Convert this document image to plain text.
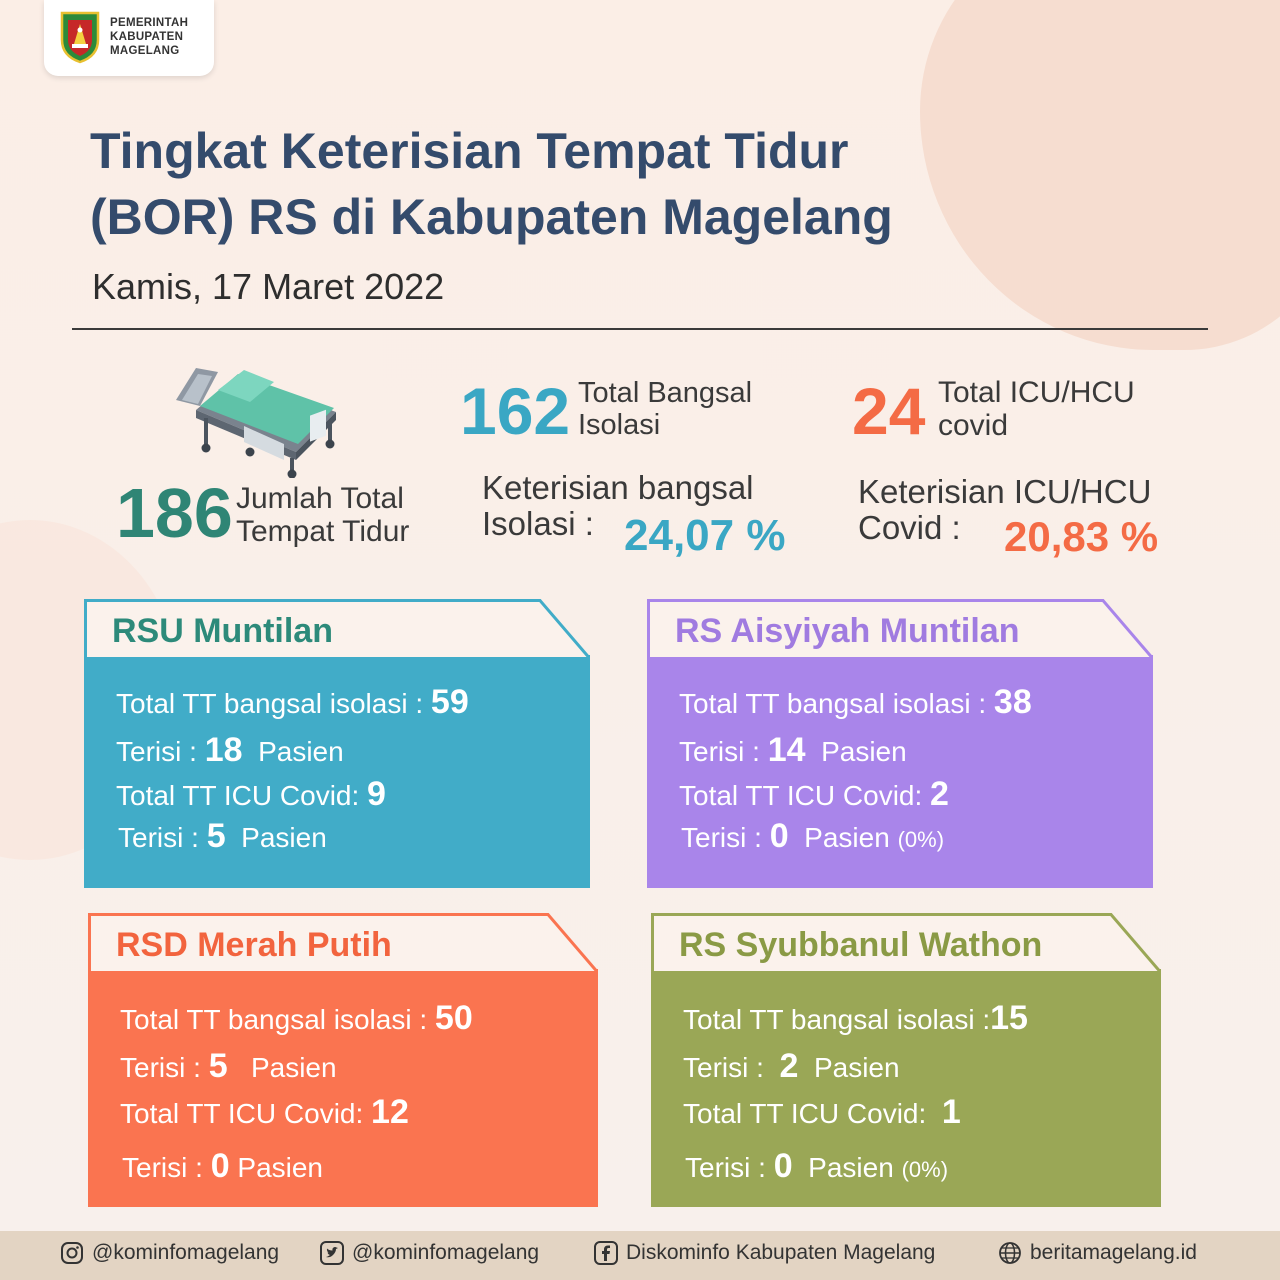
PEMERINTAH
KABUPATEN
MAGELANG
Tingkat Keterisian Tempat Tidur
(BOR) RS di Kabupaten Magelang
Kamis, 17 Maret 2022
186 Jumlah Total
Tempat Tidur
162 Total Bangsal
Isolasi	24 Total ICU/HCU
covid
Keterisian bangsal
Isolasi : 24,07 %
Keterisian ICU/HCU
Covid :	20,83 %
RSU Muntilan
Total TT bangsal isolasi : 59
Terisi : 18 Pasien
Total TT ICU Covid: 9
Terisi : 5 Pasien
RS Aisyiyah Muntilan
Total TT bangsal isolasi : 38
Terisi : 14 Pasien
Total TT ICU Covid: 2
Terisi : 0 Pasien (0%)
RSD Merah Putih
Total TT bangsal isolasi : 50
Terisi : 5 Pasien
Total TT ICU Covid: 12
Terisi : 0 Pasien
RS Syubbanul Wathon
Total TT bangsal isolasi :15
Terisi : 2 Pasien
Total TT ICU Covid: 1
Terisi : 0 Pasien (0%)
@kominfomagelang	@kominfomagelang	Diskominfo Kabupaten Magelang	beritamagelang.id
